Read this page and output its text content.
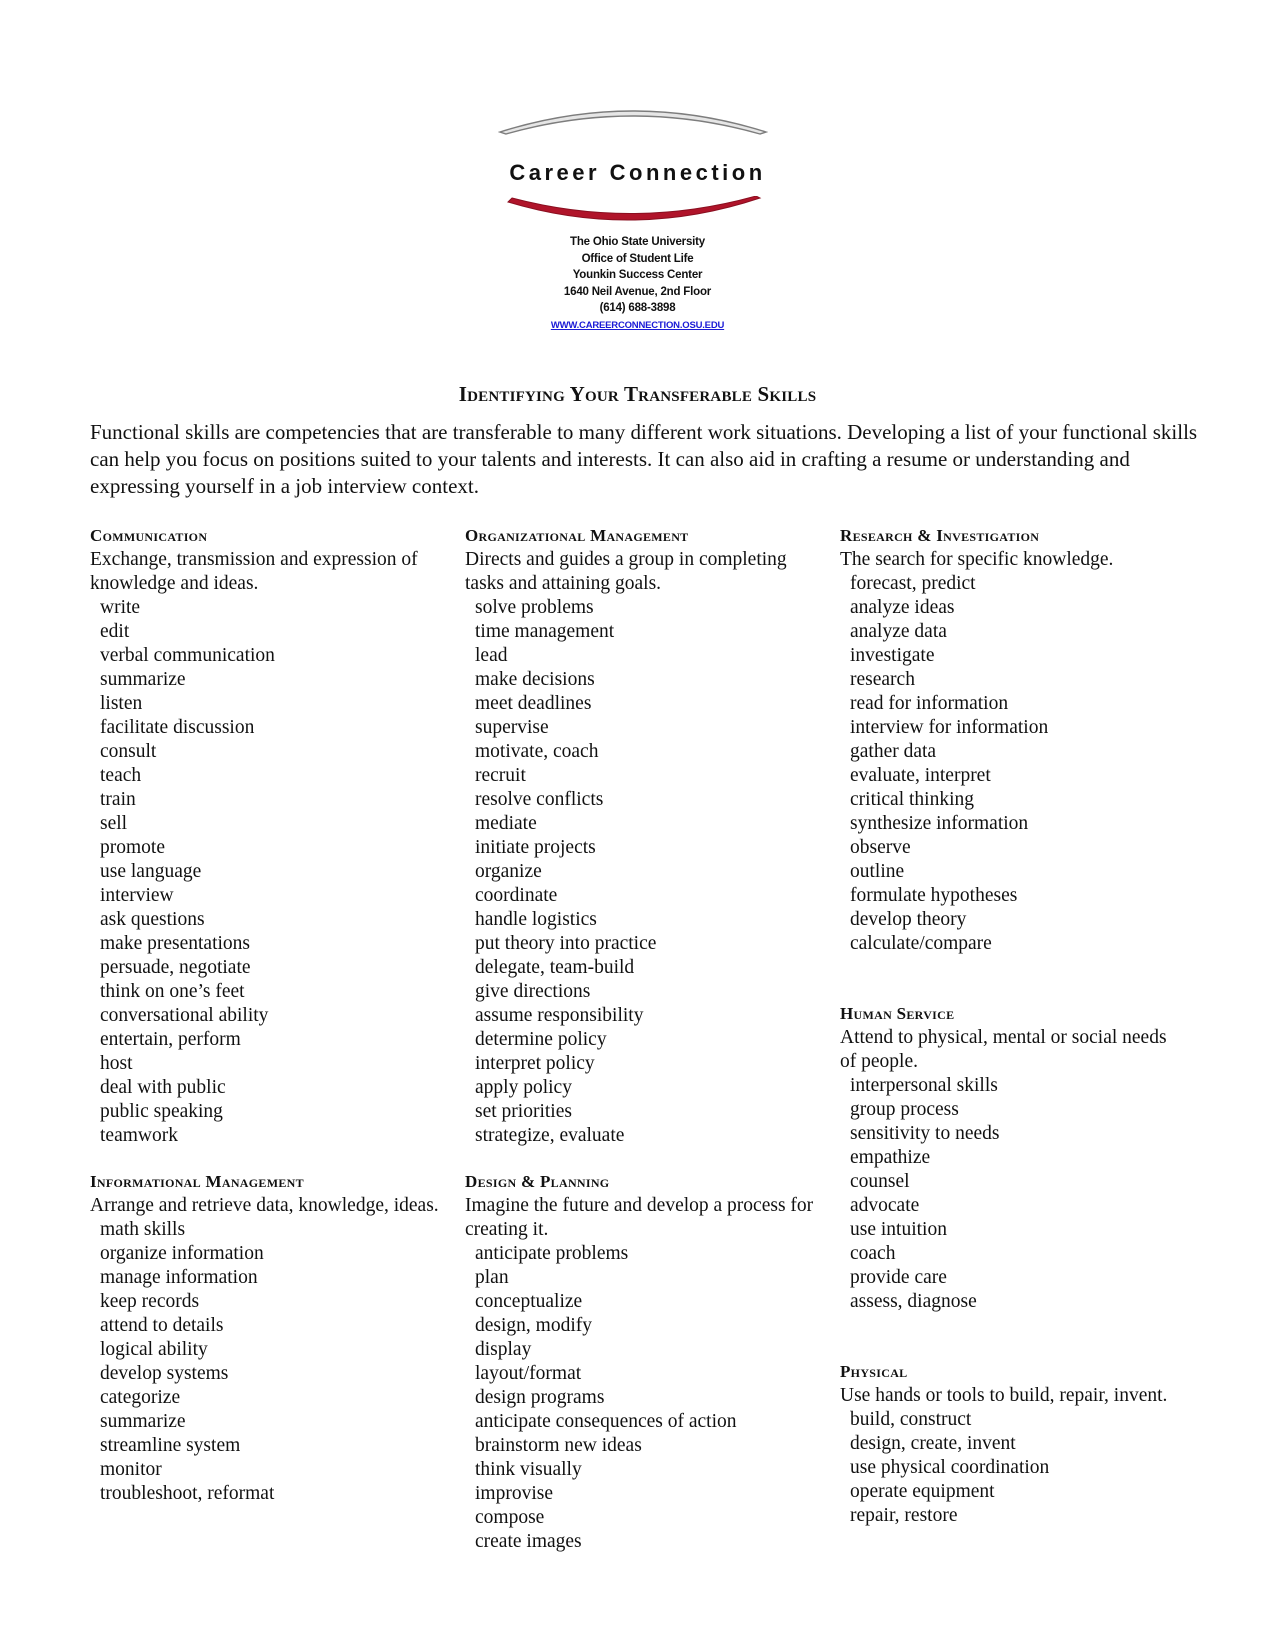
Career Connection
The Ohio State University
Office of Student Life
Younkin Success Center
1640 Neil Avenue, 2nd Floor
(614) 688-3898
WWW.CAREERCONNECTION.OSU.EDU
Identifying Your Transferable Skills
Functional skills are competencies that are transferable to many different work situations. Developing a list of your functional skills can help you focus on positions suited to your talents and interests. It can also aid in crafting a resume or understanding and expressing yourself in a job interview context.
Communication
Exchange, transmission and expression of knowledge and ideas.
write
edit
verbal communication
summarize
listen
facilitate discussion
consult
teach
train
sell
promote
use language
interview
ask questions
make presentations
persuade, negotiate
think on one’s feet
conversational ability
entertain, perform
host
deal with public
public speaking
teamwork
Informational Management
Arrange and retrieve data, knowledge, ideas.
math skills
organize information
manage information
keep records
attend to details
logical ability
develop systems
categorize
summarize
streamline system
monitor
troubleshoot, reformat
Organizational Management
Directs and guides a group in completing tasks and attaining goals.
solve problems
time management
lead
make decisions
meet deadlines
supervise
motivate, coach
recruit
resolve conflicts
mediate
initiate projects
organize
coordinate
handle logistics
put theory into practice
delegate, team-build
give directions
assume responsibility
determine policy
interpret policy
apply policy
set priorities
strategize, evaluate
Design & Planning
Imagine the future and develop a process for creating it.
anticipate problems
plan
conceptualize
design, modify
display
layout/format
design programs
anticipate consequences of action
brainstorm new ideas
think visually
improvise
compose
create images
Research & Investigation
The search for specific knowledge.
forecast, predict
analyze ideas
analyze data
investigate
research
read for information
interview for information
gather data
evaluate, interpret
critical thinking
synthesize information
observe
outline
formulate hypotheses
develop theory
calculate/compare
Human Service
Attend to physical, mental or social needs of people.
interpersonal skills
group process
sensitivity to needs
empathize
counsel
advocate
use intuition
coach
provide care
assess, diagnose
Physical
Use hands or tools to build, repair, invent.
build, construct
design, create, invent
use physical coordination
operate equipment
repair, restore
